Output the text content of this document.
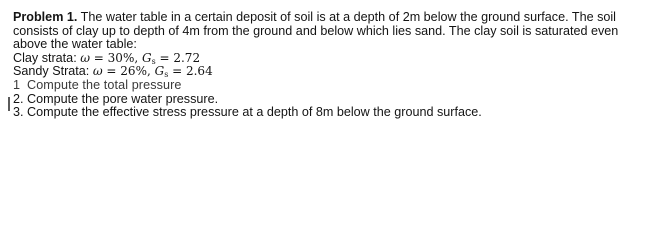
Problem 1. The water table in a certain deposit of soil is at a depth of 2m below the ground surface. The soil consists of clay up to depth of 4m from the ground and below which lies sand. The clay soil is saturated even above the water table:

Clay strata: ω = 30%, $G_s = 2.72$
Sandy Strata: ω = 26%, $G_s = 2.64$
1 Compute the total pressure
2. Compute the pore water pressure.
3. Compute the effective stress pressure at a depth of 8m below the ground surface.
